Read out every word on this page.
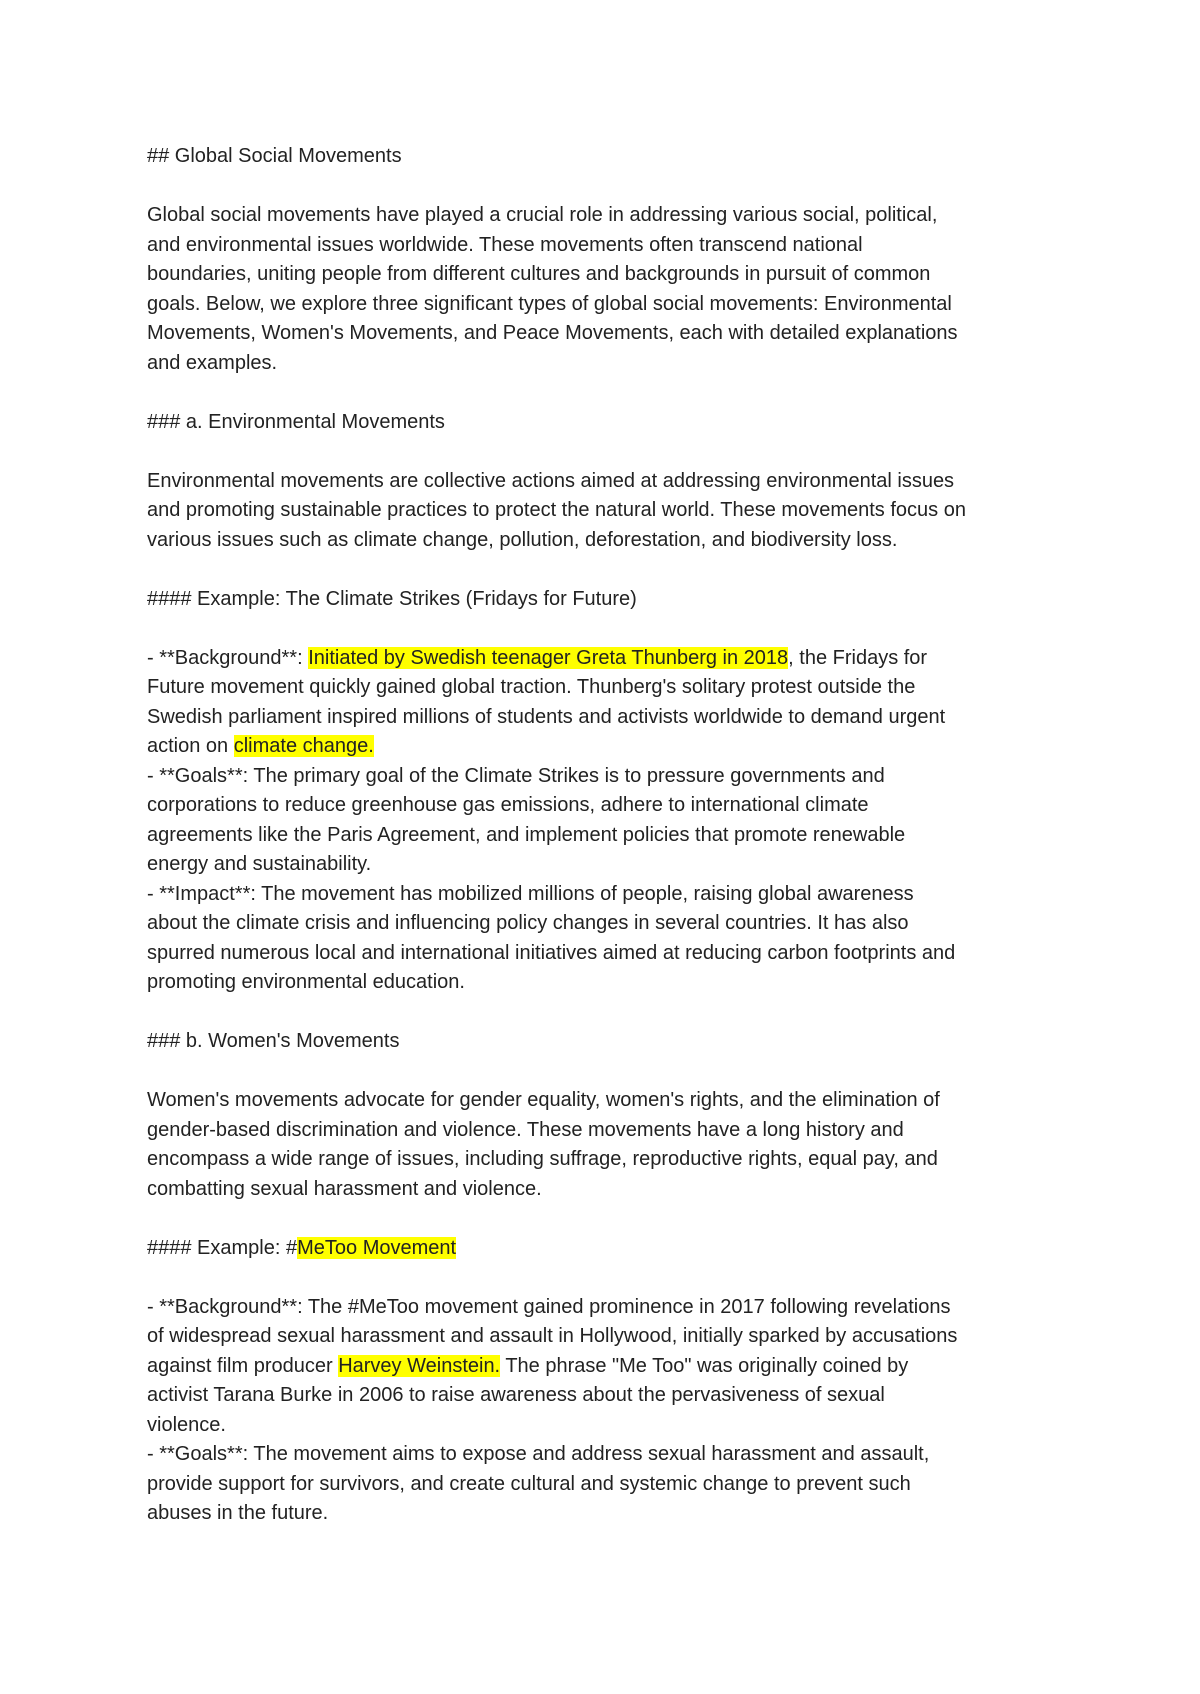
## Global Social Movements
Global social movements have played a crucial role in addressing various social, political,
and environmental issues worldwide. These movements often transcend national
boundaries, uniting people from different cultures and backgrounds in pursuit of common
goals. Below, we explore three significant types of global social movements: Environmental
Movements, Women's Movements, and Peace Movements, each with detailed explanations
and examples.
### a. Environmental Movements
Environmental movements are collective actions aimed at addressing environmental issues
and promoting sustainable practices to protect the natural world. These movements focus on
various issues such as climate change, pollution, deforestation, and biodiversity loss.
#### Example: The Climate Strikes (Fridays for Future)
- **Background**: Initiated by Swedish teenager Greta Thunberg in 2018, the Fridays for
Future movement quickly gained global traction. Thunberg's solitary protest outside the
Swedish parliament inspired millions of students and activists worldwide to demand urgent
action on climate change.
- **Goals**: The primary goal of the Climate Strikes is to pressure governments and
corporations to reduce greenhouse gas emissions, adhere to international climate
agreements like the Paris Agreement, and implement policies that promote renewable
energy and sustainability.
- **Impact**: The movement has mobilized millions of people, raising global awareness
about the climate crisis and influencing policy changes in several countries. It has also
spurred numerous local and international initiatives aimed at reducing carbon footprints and
promoting environmental education.
### b. Women's Movements
Women's movements advocate for gender equality, women's rights, and the elimination of
gender-based discrimination and violence. These movements have a long history and
encompass a wide range of issues, including suffrage, reproductive rights, equal pay, and
combatting sexual harassment and violence.
#### Example: #MeToo Movement
- **Background**: The #MeToo movement gained prominence in 2017 following revelations
of widespread sexual harassment and assault in Hollywood, initially sparked by accusations
against film producer Harvey Weinstein. The phrase "Me Too" was originally coined by
activist Tarana Burke in 2006 to raise awareness about the pervasiveness of sexual
violence.
- **Goals**: The movement aims to expose and address sexual harassment and assault,
provide support for survivors, and create cultural and systemic change to prevent such
abuses in the future.
